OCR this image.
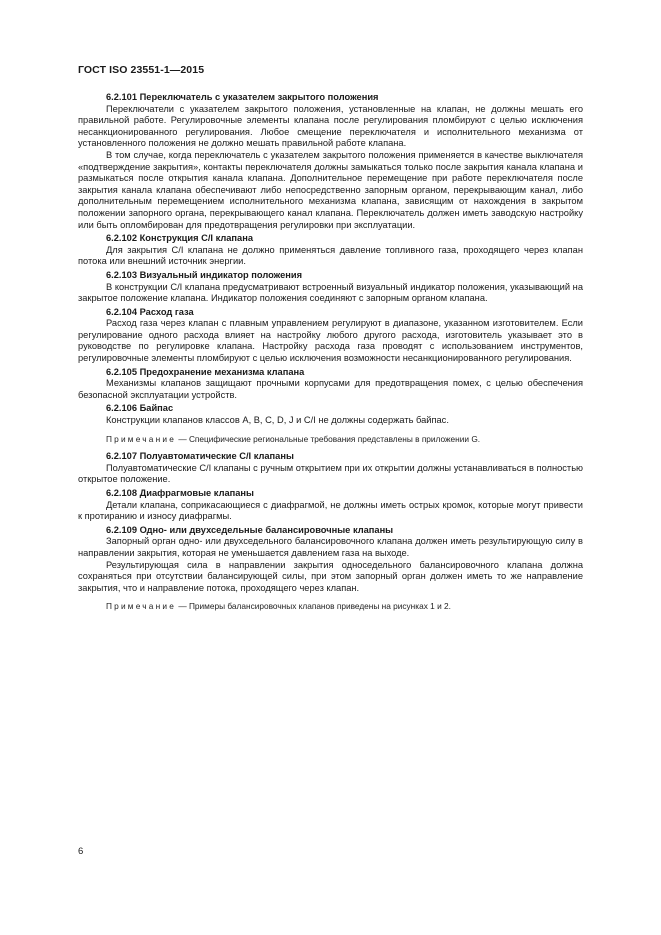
ГОСТ ISO 23551-1—2015

6.2.101 Переключатель с указателем закрытого положения

Переключатели с указателем закрытого положения, установленные на клапан, не должны мешать его правильной работе. Регулировочные элементы клапана после регулирования пломбируют с целью исключения несанкционированного регулирования. Любое смещение переключателя и исполнительного механизма от установленного положения не должно мешать правильной работе клапана.

В том случае, когда переключатель с указателем закрытого положения применяется в качестве выключателя «подтверждение закрытия», контакты переключателя должны замыкаться только после закрытия канала клапана и размыкаться после открытия канала клапана. Дополнительное перемещение при работе переключателя после закрытия канала клапана обеспечивают либо непосредственно запорным органом, перекрывающим канал, либо дополнительным перемещением исполнительного механизма клапана, зависящим от нахождения в закрытом положении запорного органа, перекрывающего канал клапана. Переключатель должен иметь заводскую настройку или быть опломбирован для предотвращения регулировки при эксплуатации.

6.2.102 Конструкция С/I клапана

Для закрытия С/I клапана не должно применяться давление топливного газа, проходящего через клапан потока или внешний источник энергии.

6.2.103 Визуальный индикатор положения

В конструкции С/I клапана предусматривают встроенный визуальный индикатор положения, указывающий на закрытое положение клапана. Индикатор положения соединяют с запорным органом клапана.

6.2.104 Расход газа

Расход газа через клапан с плавным управлением регулируют в диапазоне, указанном изготовителем. Если регулирование одного расхода влияет на настройку любого другого расхода, изготовитель указывает это в руководстве по регулировке клапана. Настройку расхода газа проводят с использованием инструментов, регулировочные элементы пломбируют с целью исключения возможности несанкционированного регулирования.

6.2.105 Предохранение механизма клапана

Механизмы клапанов защищают прочными корпусами для предотвращения помех, с целью обеспечения безопасной эксплуатации устройств.

6.2.106 Байпас

Конструкции клапанов классов A, B, C, D, J и С/I не должны содержать байпас.

Примечание — Специфические региональные требования представлены в приложении G.

6.2.107 Полуавтоматические С/I клапаны

Полуавтоматические С/I клапаны с ручным открытием при их открытии должны устанавливаться в полностью открытое положение.

6.2.108 Диафрагмовые клапаны

Детали клапана, соприкасающиеся с диафрагмой, не должны иметь острых кромок, которые могут привести к протиранию и износу диафрагмы.

6.2.109 Одно- или двухседельные балансировочные клапаны

Запорный орган одно- или двухседельного балансировочного клапана должен иметь результирующую силу в направлении закрытия, которая не уменьшается давлением газа на выходе.

Результирующая сила в направлении закрытия односедельного балансировочного клапана должна сохраняться при отсутствии балансирующей силы, при этом запорный орган должен иметь то же направление закрытия, что и направление потока, проходящего через клапан.

Примечание — Примеры балансировочных клапанов приведены на рисунках 1 и 2.

6
